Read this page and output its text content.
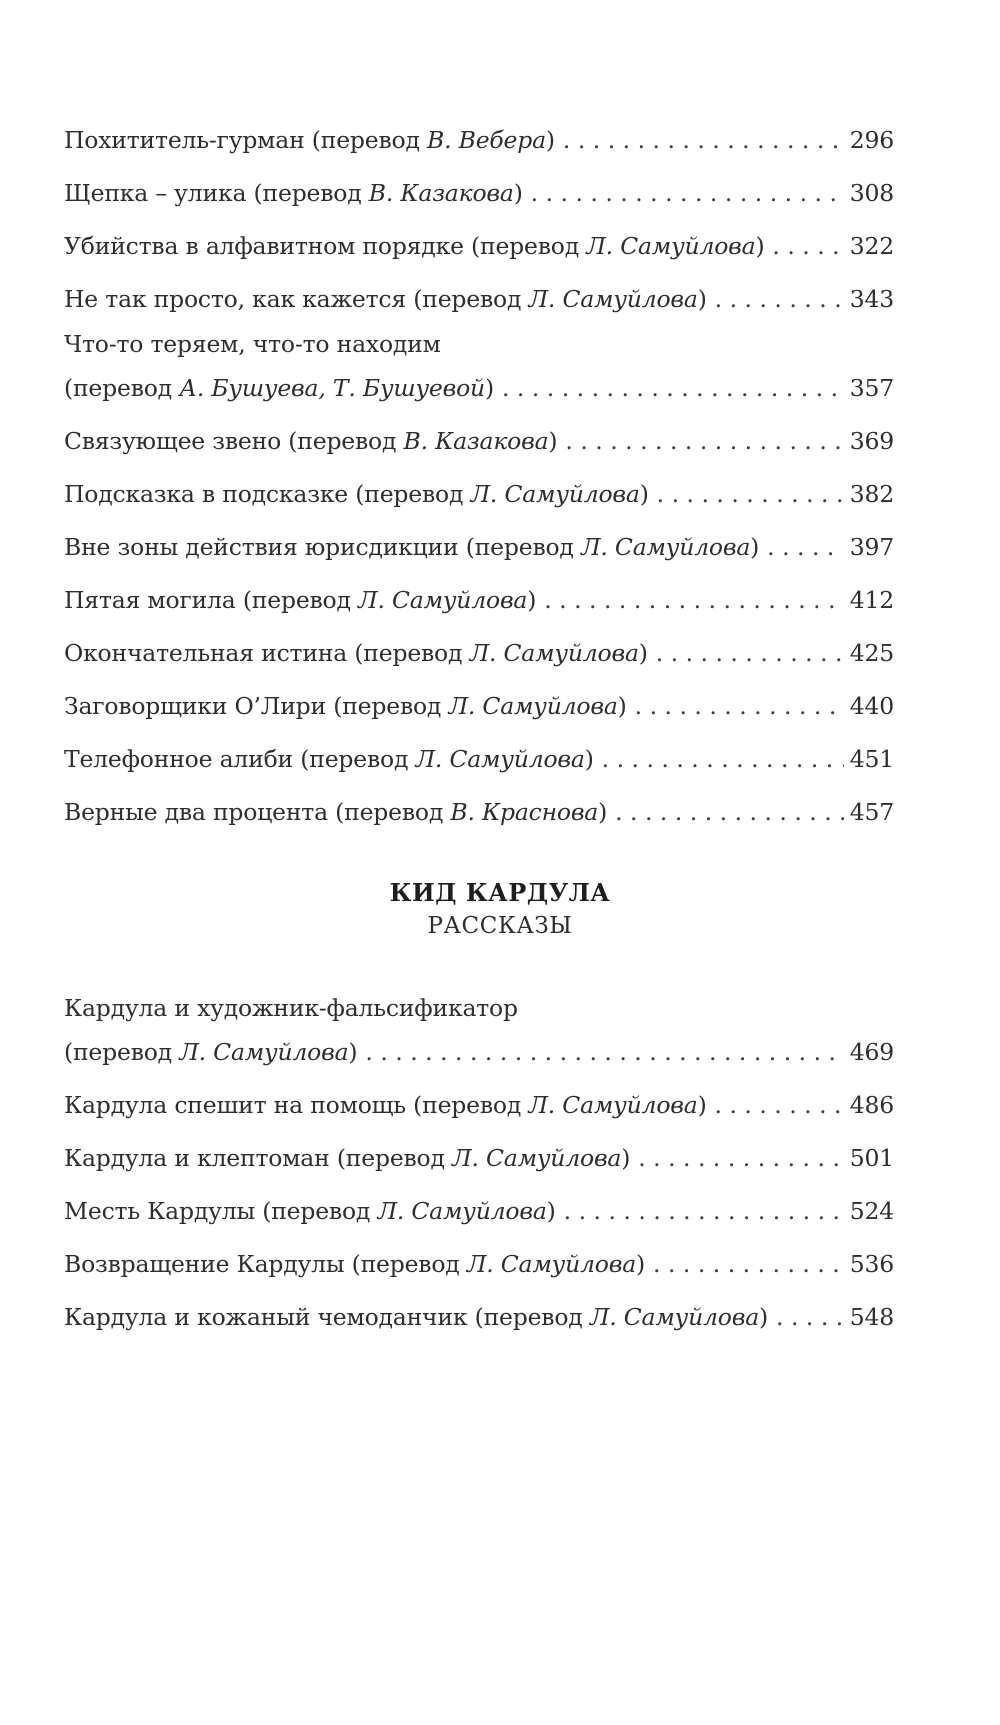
Похититель-гурман (перевод В. Вебера) . . .	296
Щепка – улика (перевод В. Казакова) . . .	308
Убийства в алфавитном порядке (перевод Л. Самуйлова) . . .	322
Не так просто, как кажется (перевод Л. Самуйлова) . . .	343
Что-то теряем, что-то находим
(перевод А. Бушуева, Т. Бушуевой) . . .	357
Связующее звено (перевод В. Казакова) . . .	369
Подсказка в подсказке (перевод Л. Самуйлова) . . .	382
Вне зоны действия юрисдикции (перевод Л. Самуйлова) . . .	397
Пятая могила (перевод Л. Самуйлова) . . .	412
Окончательная истина (перевод Л. Самуйлова) . . .	425
Заговорщики О’Лири (перевод Л. Самуйлова) . . .	440
Телефонное алиби (перевод Л. Самуйлова) . . .	451
Верные два процента (перевод В. Краснова) . . .	457
КИД КАРДУЛА
РАССКАЗЫ
Кардула и художник-фальсификатор
(перевод Л. Самуйлова) . . .	469
Кардула спешит на помощь (перевод Л. Самуйлова) . . .	486
Кардула и клептоман (перевод Л. Самуйлова) . . .	501
Месть Кардулы (перевод Л. Самуйлова) . . .	524
Возвращение Кардулы (перевод Л. Самуйлова) . . .	536
Кардула и кожаный чемоданчик (перевод Л. Самуйлова) . . .	548
